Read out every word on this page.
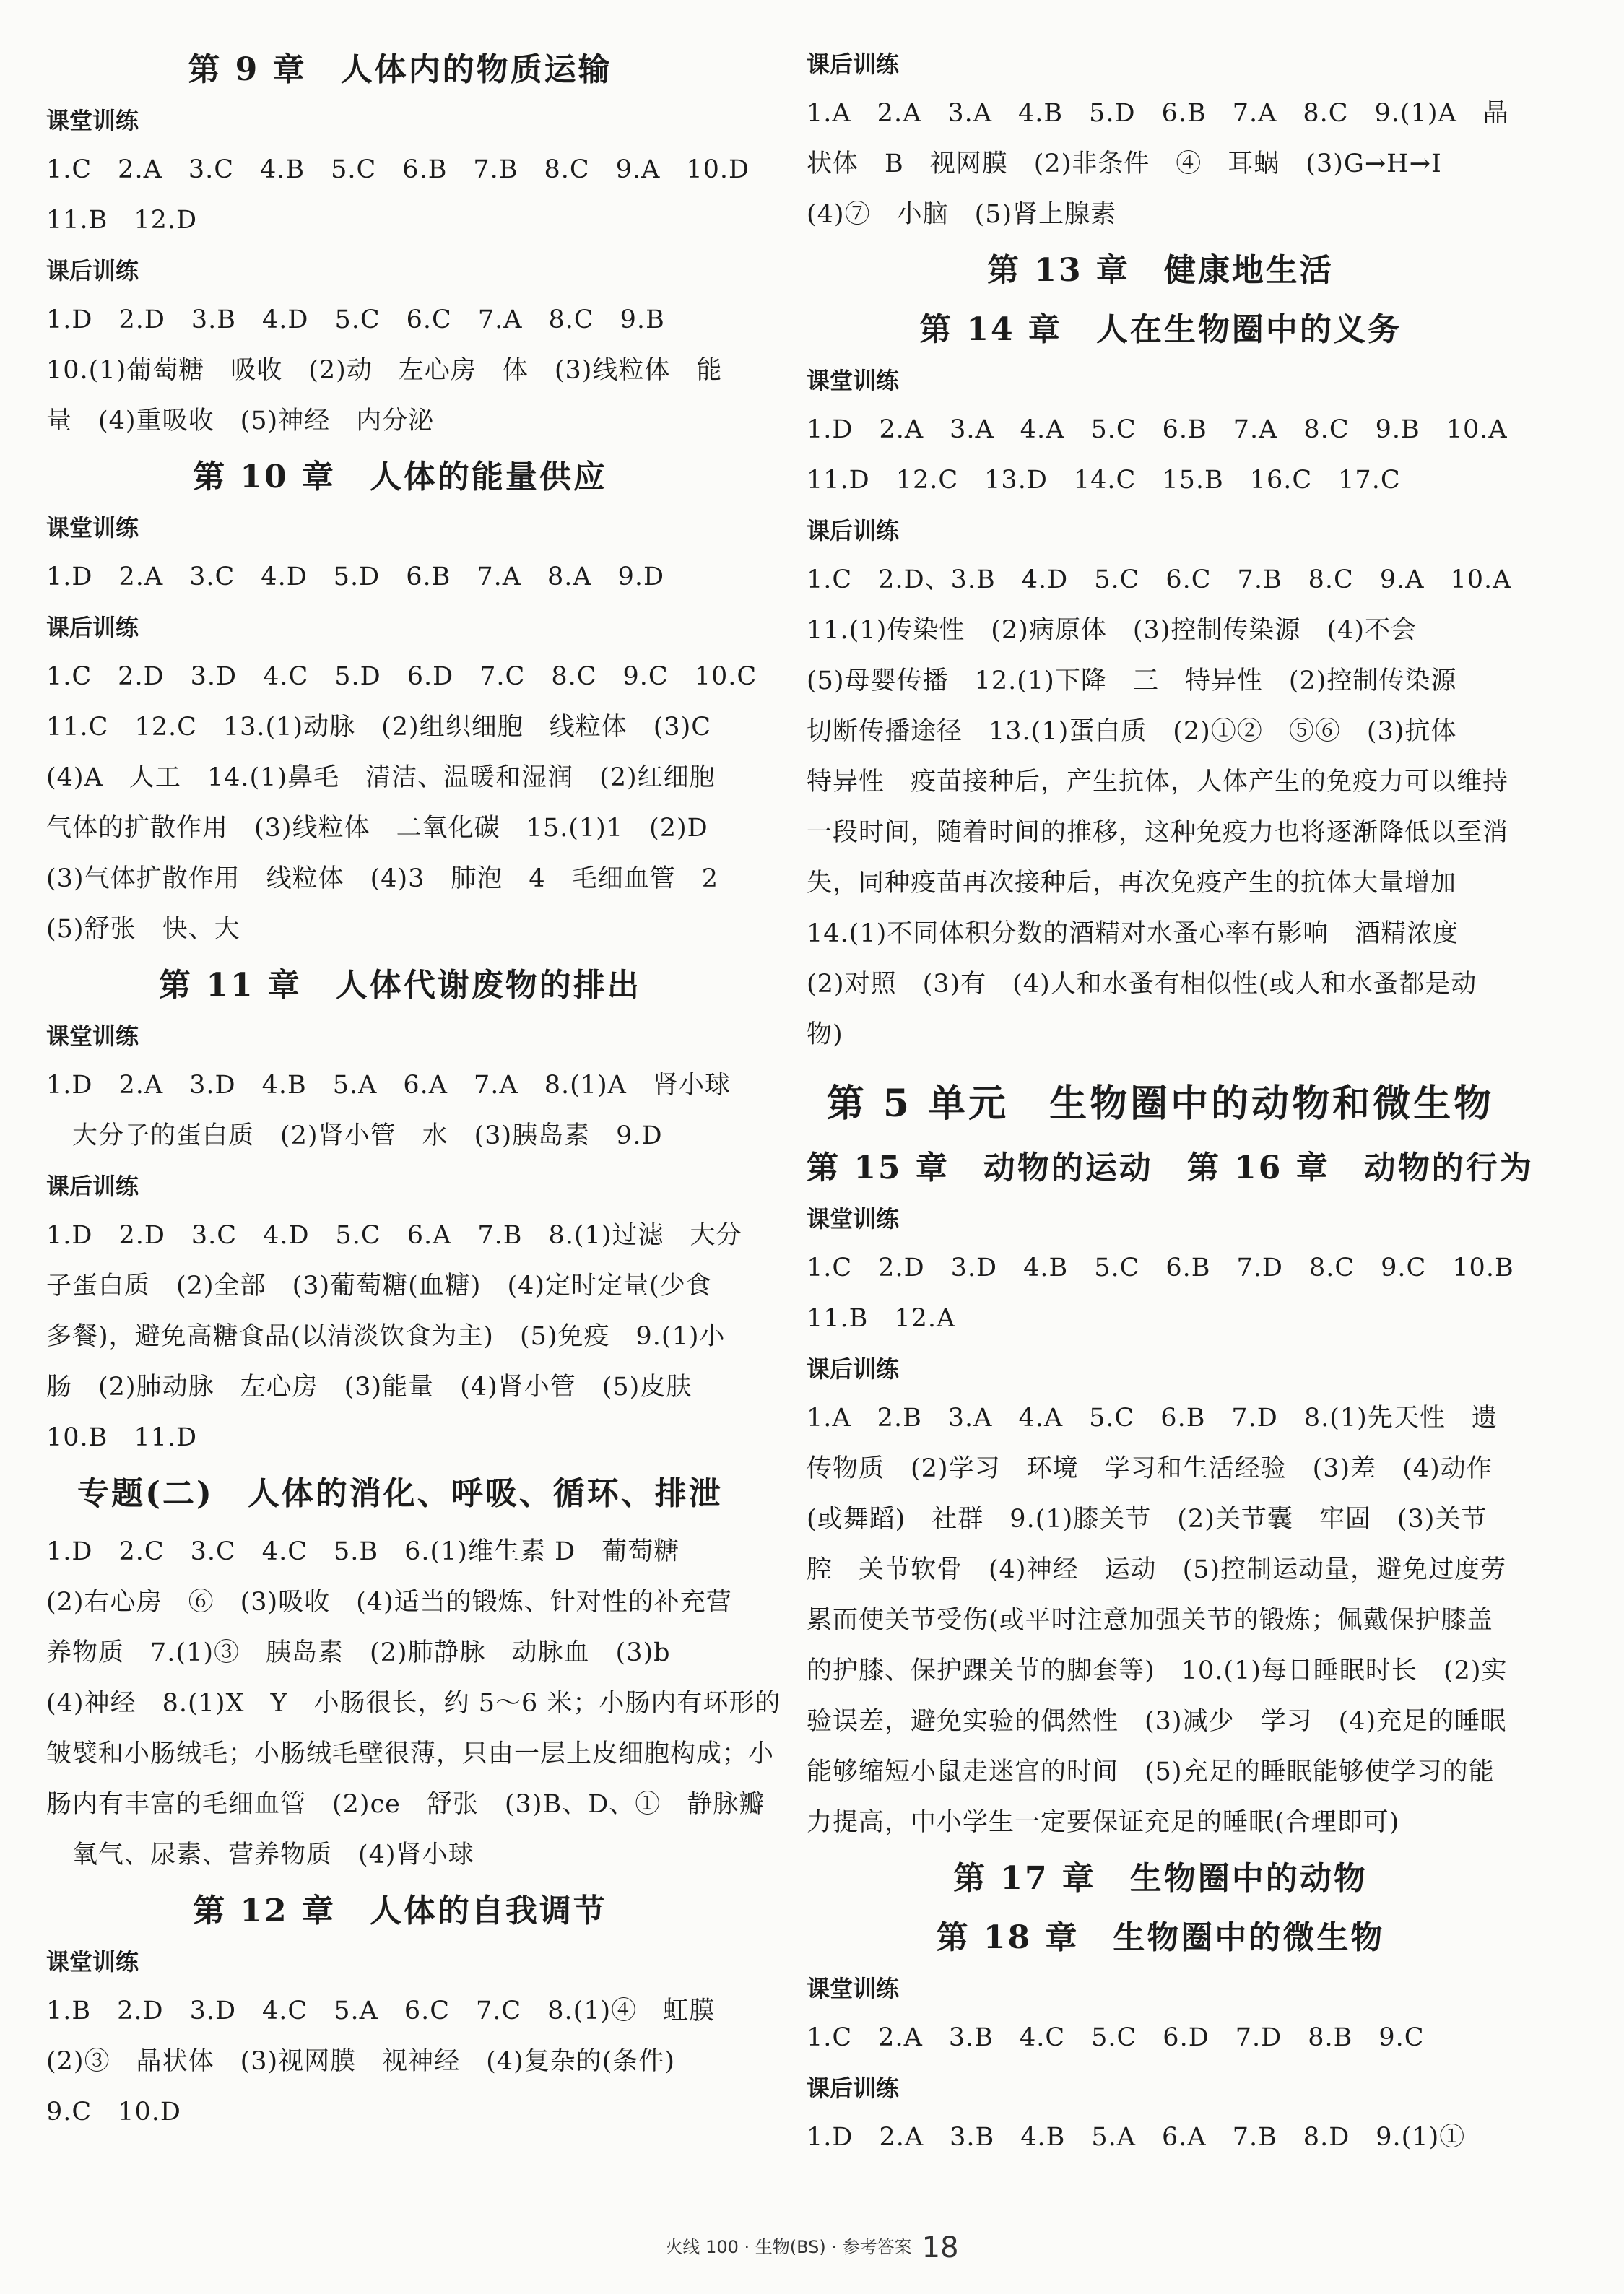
第 9 章　人体内的物质运输
课堂训练
1.C　2.A　3.C　4.B　5.C　6.B　7.B　8.C　9.A　10.D
11.B　12.D
课后训练
1.D　2.D　3.B　4.D　5.C　6.C　7.A　8.C　9.B
10.(1)葡萄糖　吸收　(2)动　左心房　体　(3)线粒体　能
量　(4)重吸收　(5)神经　内分泌
第 10 章　人体的能量供应
课堂训练
1.D　2.A　3.C　4.D　5.D　6.B　7.A　8.A　9.D
课后训练
1.C　2.D　3.D　4.C　5.D　6.D　7.C　8.C　9.C　10.C
11.C　12.C　13.(1)动脉　(2)组织细胞　线粒体　(3)C
(4)A　人工　14.(1)鼻毛　清洁、温暖和湿润　(2)红细胞
气体的扩散作用　(3)线粒体　二氧化碳　15.(1)1　(2)D
(3)气体扩散作用　线粒体　(4)3　肺泡　4　毛细血管　2
(5)舒张　快、大
第 11 章　人体代谢废物的排出
课堂训练
1.D　2.A　3.D　4.B　5.A　6.A　7.A　8.(1)A　肾小球
　大分子的蛋白质　(2)肾小管　水　(3)胰岛素　9.D
课后训练
1.D　2.D　3.C　4.D　5.C　6.A　7.B　8.(1)过滤　大分
子蛋白质　(2)全部　(3)葡萄糖(血糖)　(4)定时定量(少食
多餐)，避免高糖食品(以清淡饮食为主)　(5)免疫　9.(1)小
肠　(2)肺动脉　左心房　(3)能量　(4)肾小管　(5)皮肤
10.B　11.D
专题(二)　人体的消化、呼吸、循环、排泄
1.D　2.C　3.C　4.C　5.B　6.(1)维生素 D　葡萄糖
(2)右心房　⑥　(3)吸收　(4)适当的锻炼、针对性的补充营
养物质　7.(1)③　胰岛素　(2)肺静脉　动脉血　(3)b
(4)神经　8.(1)X　Y　小肠很长，约 5～6 米；小肠内有环形的
皱襞和小肠绒毛；小肠绒毛壁很薄，只由一层上皮细胞构成；小
肠内有丰富的毛细血管　(2)ce　舒张　(3)B、D、①　静脉瓣
　氧气、尿素、营养物质　(4)肾小球
第 12 章　人体的自我调节
课堂训练
1.B　2.D　3.D　4.C　5.A　6.C　7.C　8.(1)④　虹膜
(2)③　晶状体　(3)视网膜　视神经　(4)复杂的(条件)
9.C　10.D
课后训练
1.A　2.A　3.A　4.B　5.D　6.B　7.A　8.C　9.(1)A　晶
状体　B　视网膜　(2)非条件　④　耳蜗　(3)G→H→I
(4)⑦　小脑　(5)肾上腺素
第 13 章　健康地生活
第 14 章　人在生物圈中的义务
课堂训练
1.D　2.A　3.A　4.A　5.C　6.B　7.A　8.C　9.B　10.A
11.D　12.C　13.D　14.C　15.B　16.C　17.C
课后训练
1.C　2.D、3.B　4.D　5.C　6.C　7.B　8.C　9.A　10.A
11.(1)传染性　(2)病原体　(3)控制传染源　(4)不会
(5)母婴传播　12.(1)下降　三　特异性　(2)控制传染源
切断传播途径　13.(1)蛋白质　(2)①②　⑤⑥　(3)抗体
特异性　疫苗接种后，产生抗体，人体产生的免疫力可以维持
一段时间，随着时间的推移，这种免疫力也将逐渐降低以至消
失，同种疫苗再次接种后，再次免疫产生的抗体大量增加
14.(1)不同体积分数的酒精对水蚤心率有影响　酒精浓度
(2)对照　(3)有　(4)人和水蚤有相似性(或人和水蚤都是动
物)
第 5 单元　生物圈中的动物和微生物
第 15 章　动物的运动　第 16 章　动物的行为
课堂训练
1.C　2.D　3.D　4.B　5.C　6.B　7.D　8.C　9.C　10.B
11.B　12.A
课后训练
1.A　2.B　3.A　4.A　5.C　6.B　7.D　8.(1)先天性　遗
传物质　(2)学习　环境　学习和生活经验　(3)差　(4)动作
(或舞蹈)　社群　9.(1)膝关节　(2)关节囊　牢固　(3)关节
腔　关节软骨　(4)神经　运动　(5)控制运动量，避免过度劳
累而使关节受伤(或平时注意加强关节的锻炼；佩戴保护膝盖
的护膝、保护踝关节的脚套等)　10.(1)每日睡眠时长　(2)实
验误差，避免实验的偶然性　(3)减少　学习　(4)充足的睡眠
能够缩短小鼠走迷宫的时间　(5)充足的睡眠能够使学习的能
力提高，中小学生一定要保证充足的睡眠(合理即可)
第 17 章　生物圈中的动物
第 18 章　生物圈中的微生物
课堂训练
1.C　2.A　3.B　4.C　5.C　6.D　7.D　8.B　9.C
课后训练
1.D　2.A　3.B　4.B　5.A　6.A　7.B　8.D　9.(1)①
火线 100 · 生物(BS) · 参考答案 18
